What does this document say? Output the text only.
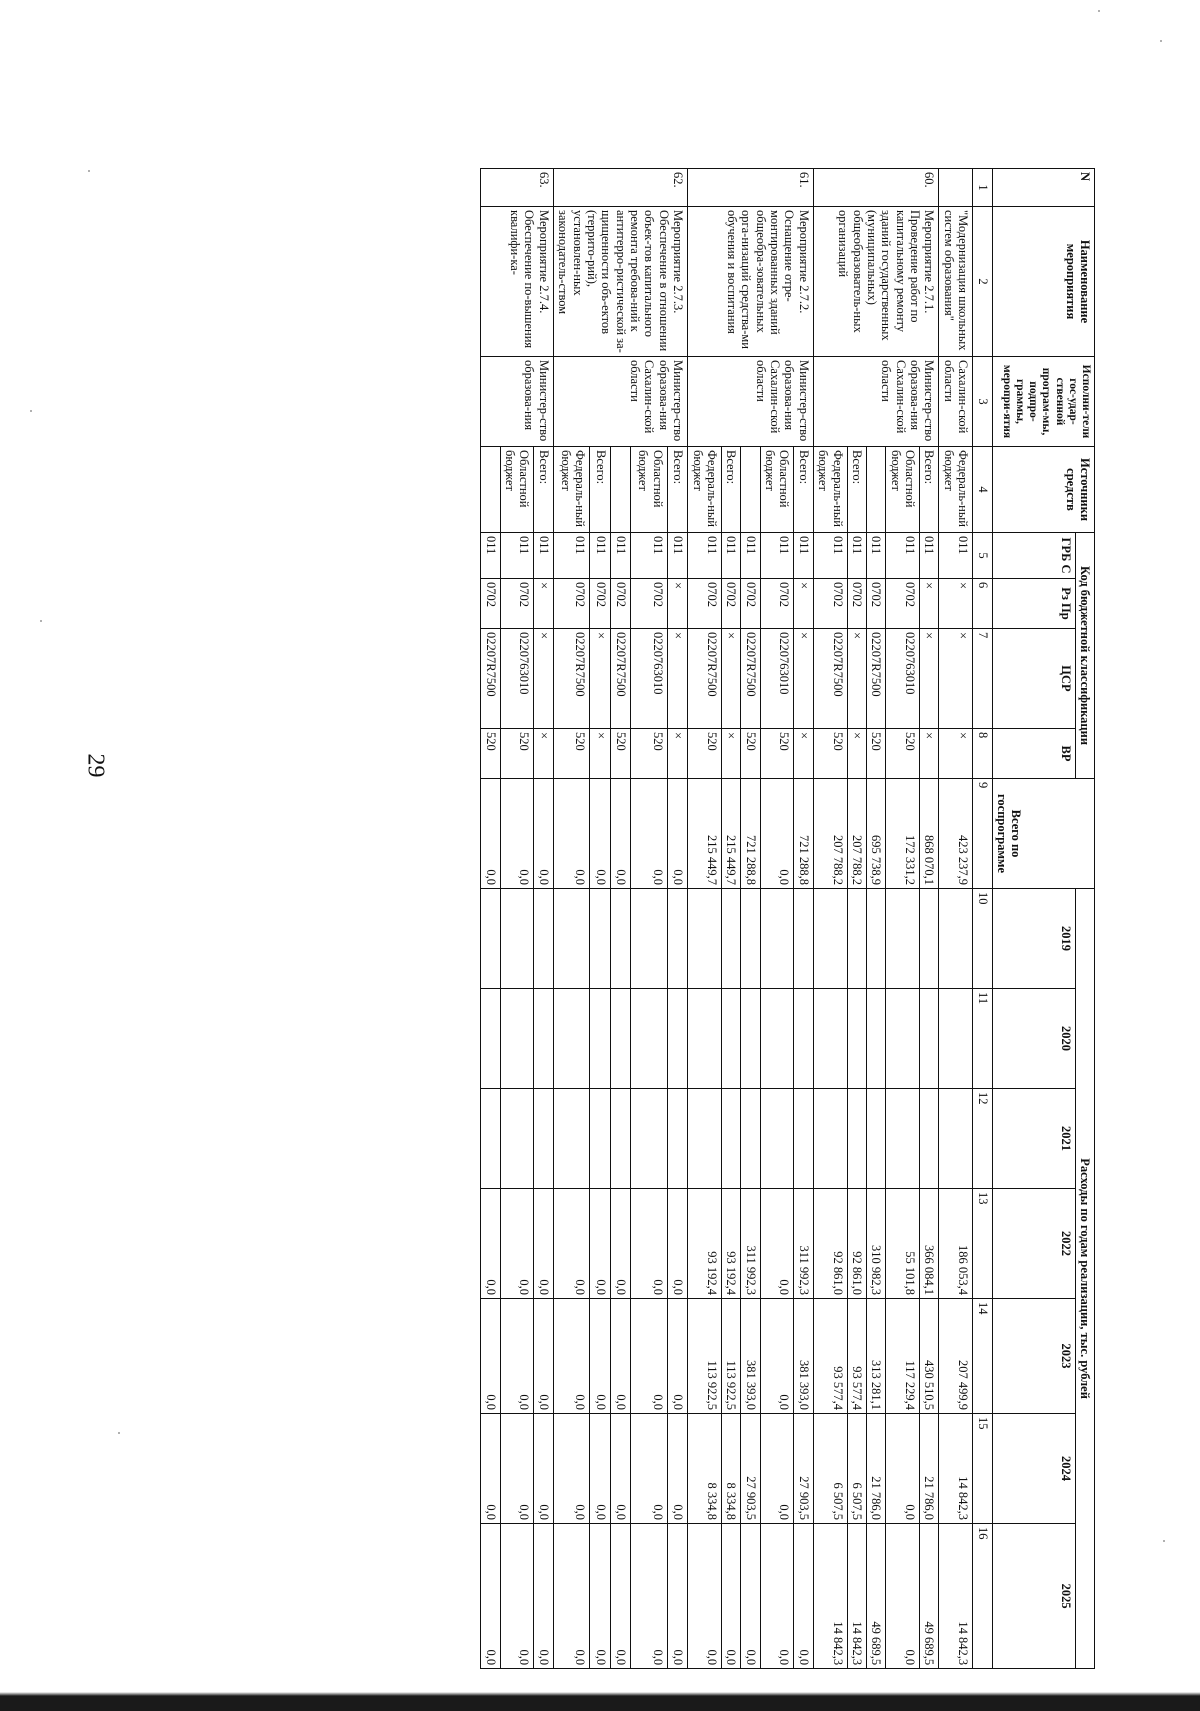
29
N	Наименование мероприятия	Исполни-тели гос-удар-ственной програм-мы, подпро-граммы, меропри-ятия	Источники средств	Код бюджетной классификации				Всего по госпрограмме	Расходы по годам реализации, тыс. рублей						
				ГРБ С	Рз Пр	ЦСР	ВР		2019	2020	2021	2022	2023	2024	2025
1	2	3	4	5	6	7	8	9	10	11	12	13	14	15	16
	"Модернизация школьных систем образования"	Сахалин-ской области	Федераль-ный бюджет	011	×	×	×	423 237,9				186 053,4	207 499,9	14 842,3	14 842,3
60.	Мероприятие 2.7.1. Проведение работ по капитальному ремонту зданий государственных (муниципальных) общеобразователь-ных организаций	Министер-ство образова-ния Сахалин-ской области	Всего:	011	×	×	×	868 070,1				366 084,1	430 510,5	21 786,0	49 689,5
			Областной бюджет	011	0702	0220763010	520	172 331,2				55 101,8	117 229,4	0,0	0,0
				011	0702	02207R7500	520	695 738,9				310 982,3	313 281,1	21 786,0	49 689,5
			Всего:	011	0702	×	×	207 788,2				92 861,0	93 577,4	6 507,5	14 842,3
			Федераль-ный бюджет	011	0702	02207R7500	520	207 788,2				92 861,0	93 577,4	6 507,5	14 842,3
61.	Мероприятие 2.7.2. Оснащение отре-монтированных зданий общеобра-зовательных орга-низаций средства-ми обучения и воспитания	Министер-ство образова-ния Сахалин-ской области	Всего:	011	×	×	×	721 288,8				311 992,3	381 393,0	27 903,5	0,0
			Областной бюджет	011	0702	0220763010	520	0,0				0,0	0,0	0,0	0,0
				011	0702	02207R7500	520	721 288,8				311 992,3	381 393,0	27 903,5	0,0
			Всего:	011	0702	×	×	215 449,7				93 192,4	113 922,5	8 334,8	0,0
			Федераль-ный бюджет	011	0702	02207R7500	520	215 449,7				93 192,4	113 922,5	8 334,8	0,0
62.	Мероприятие 2.7.3. Обеспечение в отношении объек-тов капитального ремонта требова-ний к антитерро-ристической за-щищенности объ-ектов (террито-рий), установлен-ных законодатель-ством	Министер-ство образова-ния Сахалин-ской области	Всего:	011	×	×	×	0,0				0,0	0,0	0,0	0,0
			Областной бюджет	011	0702	0220763010	520	0,0				0,0	0,0	0,0	0,0
				011	0702	02207R7500	520	0,0				0,0	0,0	0,0	0,0
			Всего:	011	0702	×	×	0,0				0,0	0,0	0,0	0,0
			Федераль-ный бюджет	011	0702	02207R7500	520	0,0				0,0	0,0	0,0	0,0
63.	Мероприятие 2.7.4. Обеспечение по-вышения квалифи-ка-	Министер-ство образова-ния	Всего:	011	×	×	×	0,0				0,0	0,0	0,0	0,0
			Областной бюджет	011	0702	0220763010	520	0,0				0,0	0,0	0,0	0,0
				011	0702	02207R7500	520	0,0				0,0	0,0	0,0	0,0
